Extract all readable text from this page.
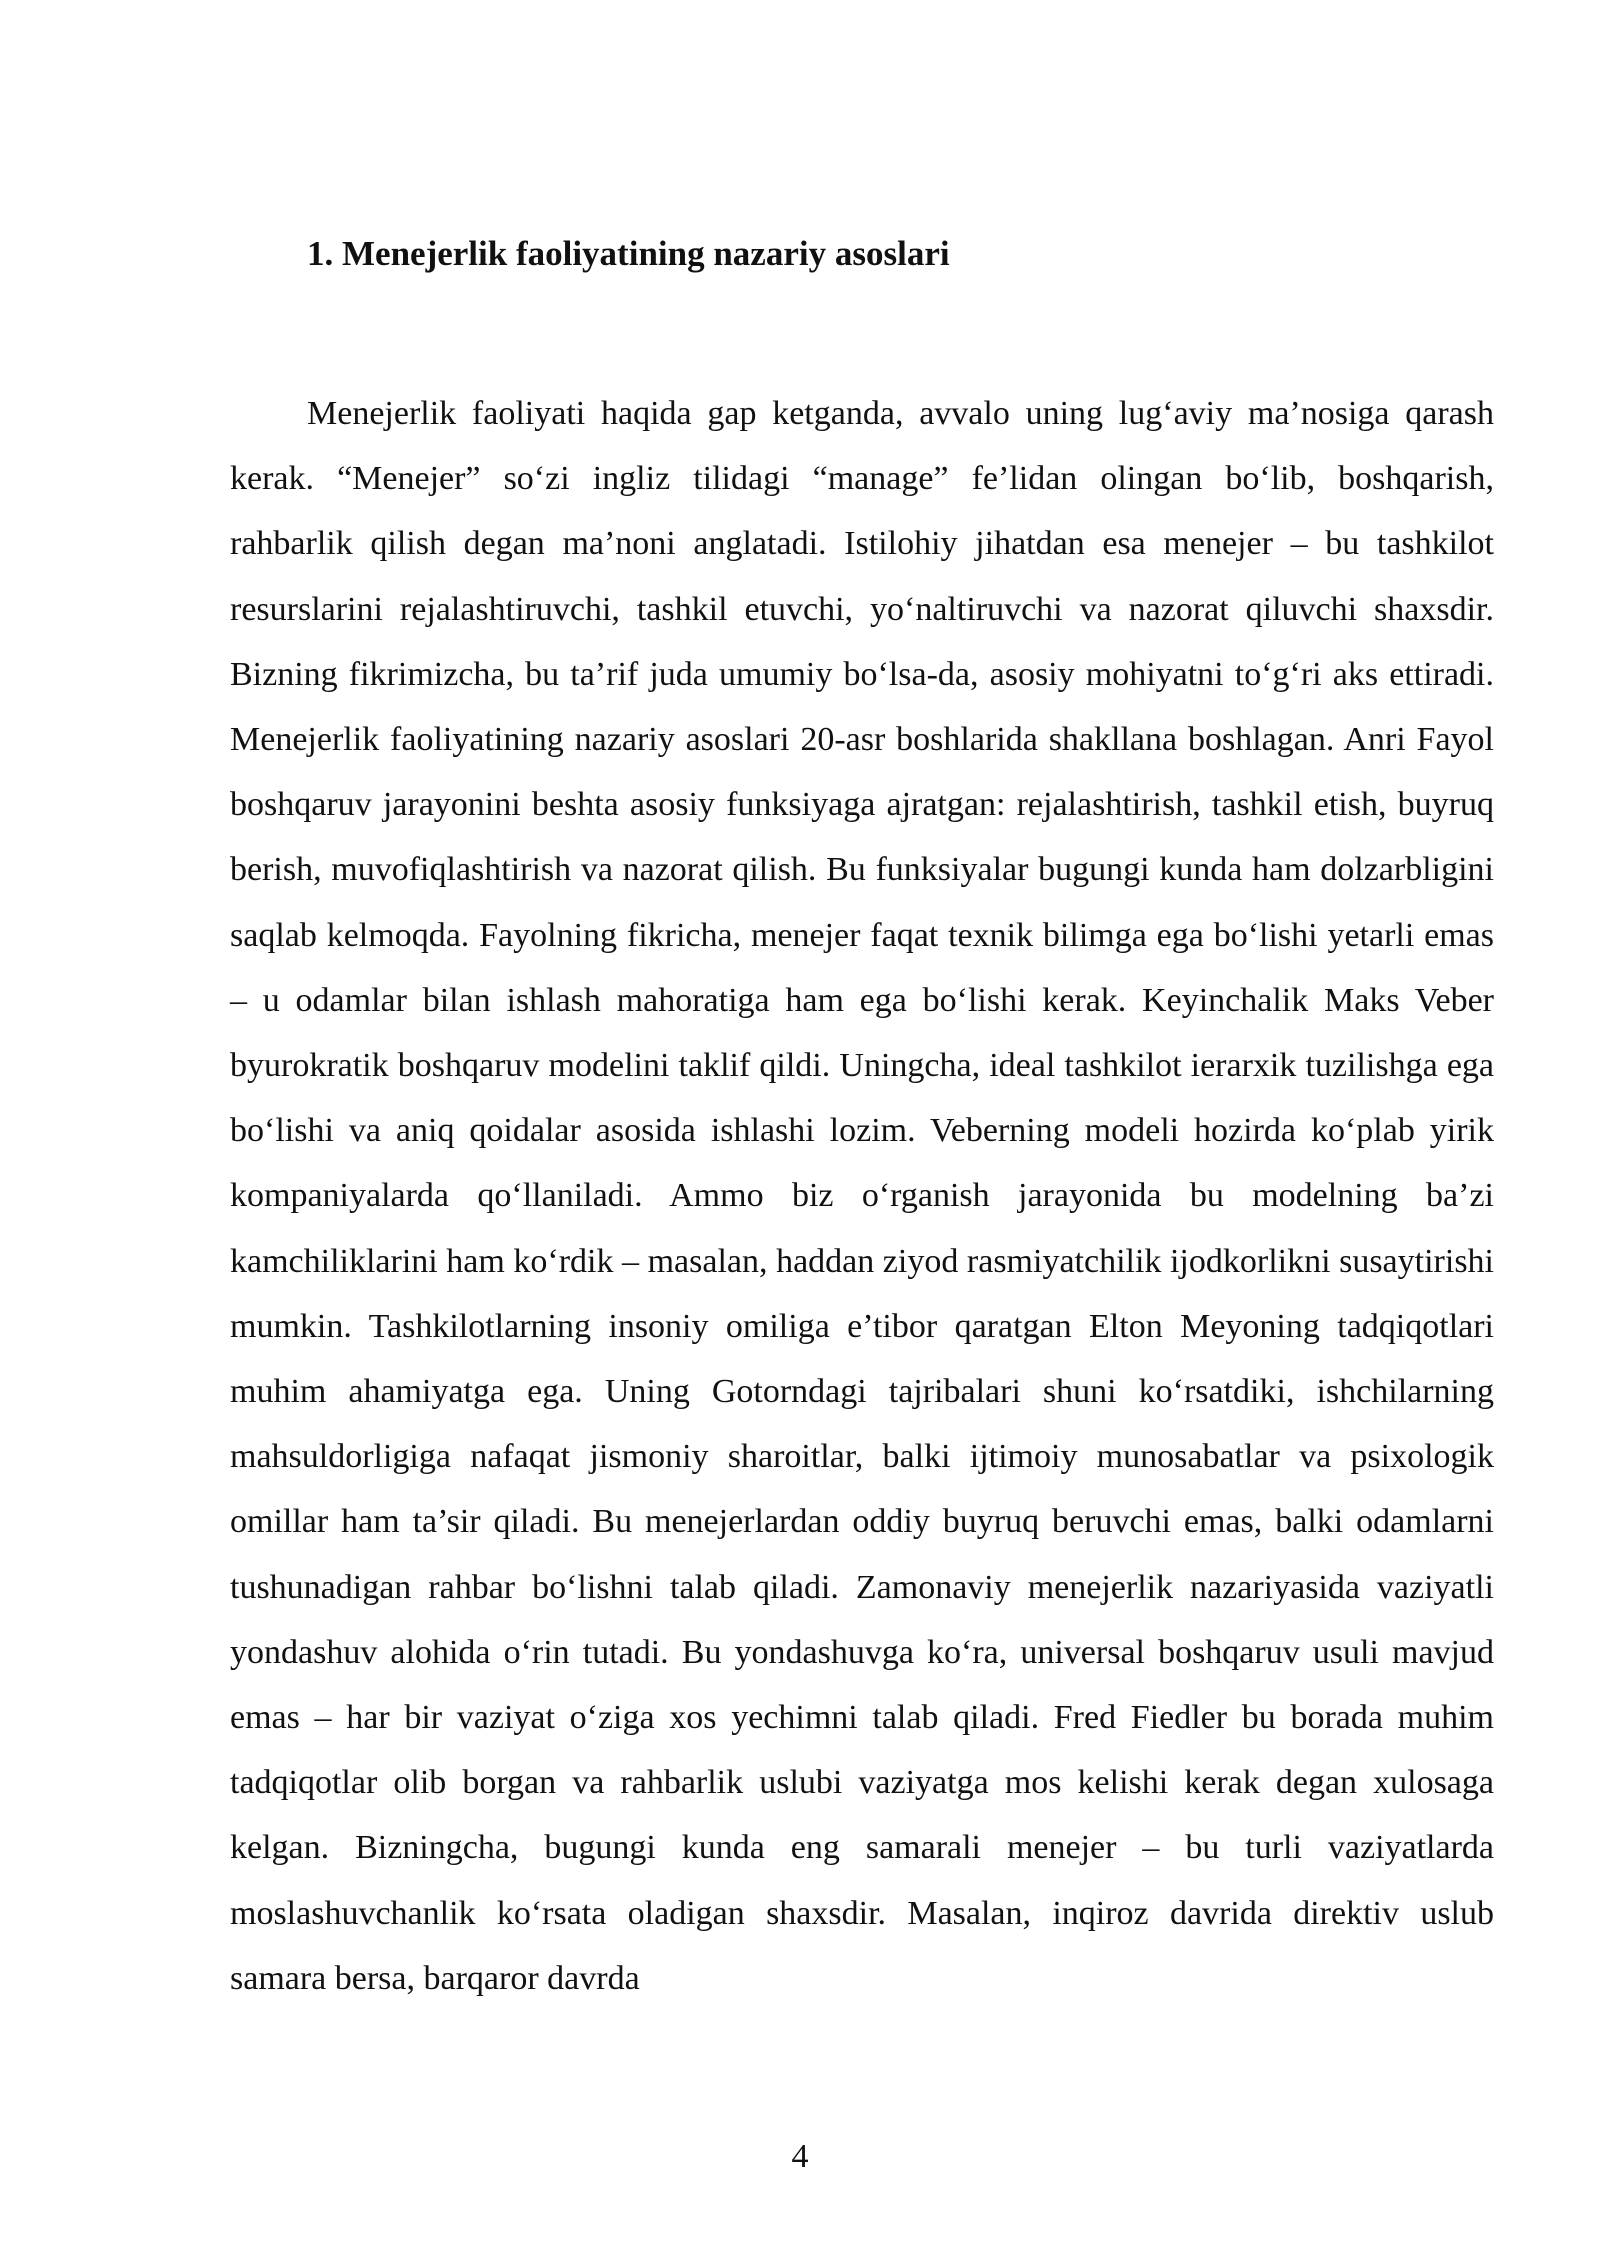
1. Menejerlik faoliyatining nazariy asoslari

Menejerlik faoliyati haqida gap ketganda, avvalo uning lug‘aviy ma’nosiga qarash kerak. “Menejer” so‘zi ingliz tilidagi “manage” fe’lidan olingan bo‘lib, boshqarish, rahbarlik qilish degan ma’noni anglatadi. Istilohiy jihatdan esa menejer – bu tashkilot resurslarini rejalashtiruvchi, tashkil etuvchi, yo‘naltiruvchi va nazorat qiluvchi shaxsdir. Bizning fikrimizcha, bu ta’rif juda umumiy bo‘lsa-da, asosiy mohiyatni to‘g‘ri aks ettiradi. Menejerlik faoliyatining nazariy asoslari 20-asr boshlarida shakllana boshlagan. Anri Fayol boshqaruv jarayonini beshta asosiy funksiyaga ajratgan: rejalashtirish, tashkil etish, buyruq berish, muvofiqlashtirish va nazorat qilish. Bu funksiyalar bugungi kunda ham dolzarbligini saqlab kelmoqda. Fayolning fikricha, menejer faqat texnik bilimga ega bo‘lishi yetarli emas – u odamlar bilan ishlash mahoratiga ham ega bo‘lishi kerak. Keyinchalik Maks Veber byurokratik boshqaruv modelini taklif qildi. Uningcha, ideal tashkilot ierarxik tuzilishga ega bo‘lishi va aniq qoidalar asosida ishlashi lozim. Veberning modeli hozirda ko‘plab yirik kompaniyalarda qo‘llaniladi. Ammo biz o‘rganish jarayonida bu modelning ba’zi kamchiliklarini ham ko‘rdik – masalan, haddan ziyod rasmiyatchilik ijodkorlikni susaytirishi mumkin. Tashkilotlarning insoniy omiliga e’tibor qaratgan Elton Meyoning tadqiqotlari muhim ahamiyatga ega. Uning Gotorndagi tajribalari shuni ko‘rsatdiki, ishchilarning mahsuldorligiga nafaqat jismoniy sharoitlar, balki ijtimoiy munosabatlar va psixologik omillar ham ta’sir qiladi. Bu menejerlardan oddiy buyruq beruvchi emas, balki odamlarni tushunadigan rahbar bo‘lishni talab qiladi. Zamonaviy menejerlik nazariyasida vaziyatli yondashuv alohida o‘rin tutadi. Bu yondashuvga ko‘ra, universal boshqaruv usuli mavjud emas – har bir vaziyat o‘ziga xos yechimni talab qiladi. Fred Fiedler bu borada muhim tadqiqotlar olib borgan va rahbarlik uslubi vaziyatga mos kelishi kerak degan xulosaga kelgan. Bizningcha, bugungi kunda eng samarali menejer – bu turli vaziyatlarda moslashuvchanlik ko‘rsata oladigan shaxsdir. Masalan, inqiroz davrida direktiv uslub samara bersa, barqaror davrda

4
